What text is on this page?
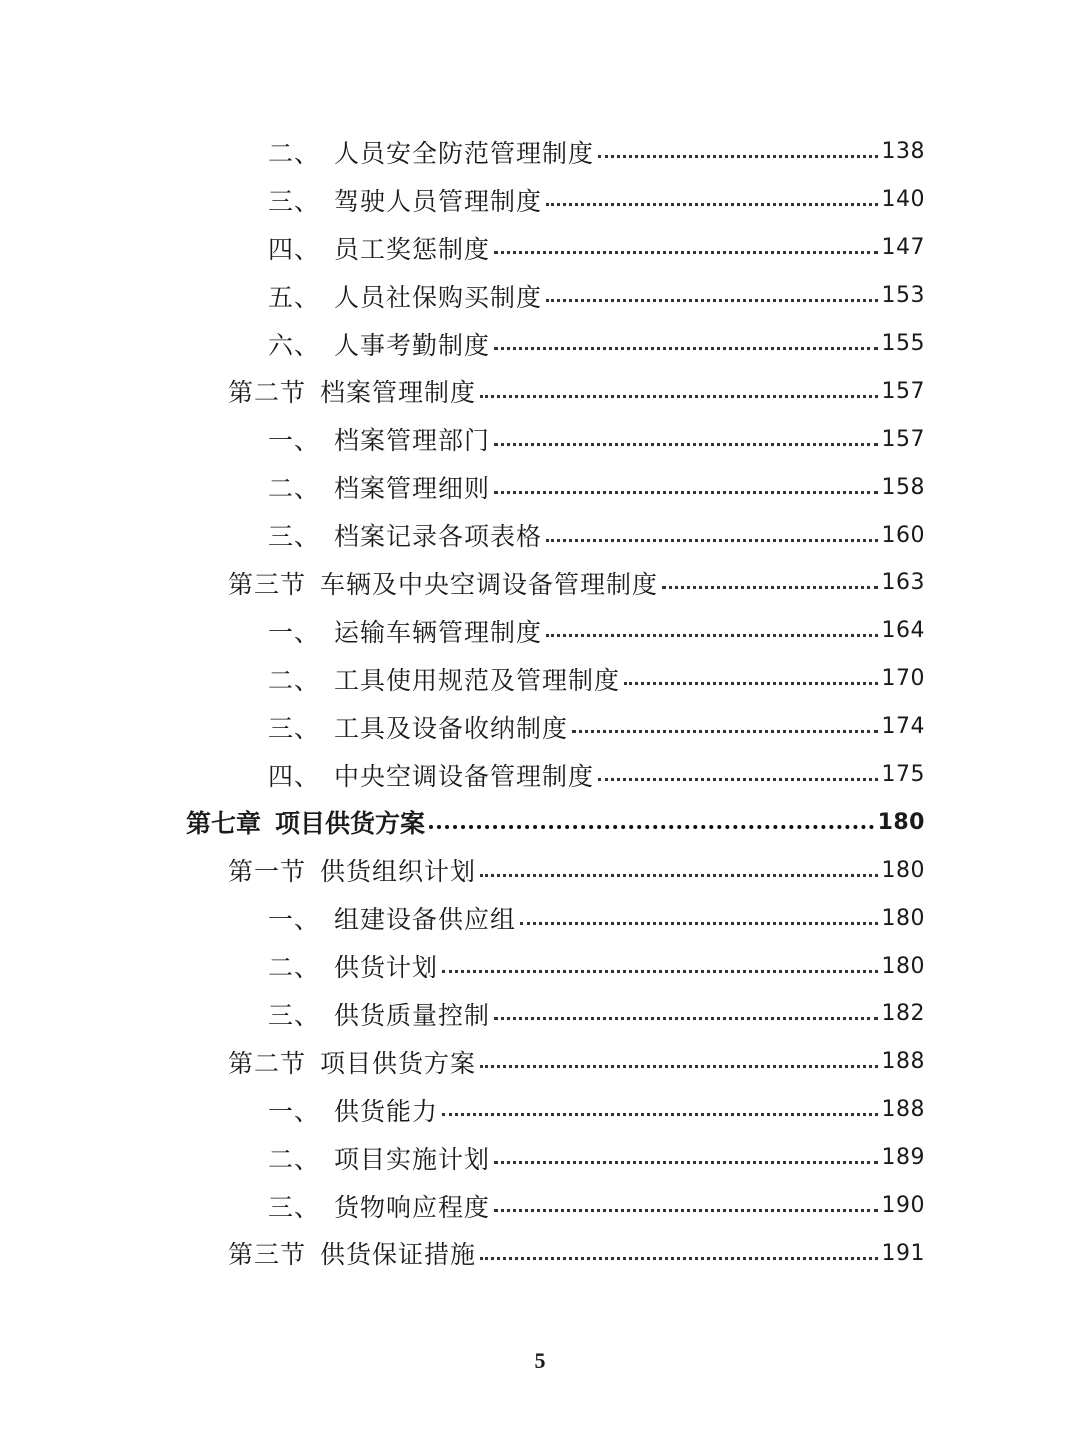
二、 人员安全防范管理制度	138
三、 驾驶人员管理制度	140
四、 员工奖惩制度	147
五、 人员社保购买制度	153
六、 人事考勤制度	155
第二节 档案管理制度	157
一、 档案管理部门	157
二、 档案管理细则	158
三、 档案记录各项表格	160
第三节 车辆及中央空调设备管理制度	163
一、 运输车辆管理制度	164
二、 工具使用规范及管理制度	170
三、 工具及设备收纳制度	174
四、 中央空调设备管理制度	175
第七章 项目供货方案	180
第一节 供货组织计划	180
一、 组建设备供应组	180
二、 供货计划	180
三、 供货质量控制	182
第二节 项目供货方案	188
一、 供货能力	188
二、 项目实施计划	189
三、 货物响应程度	190
第三节 供货保证措施	191
5
